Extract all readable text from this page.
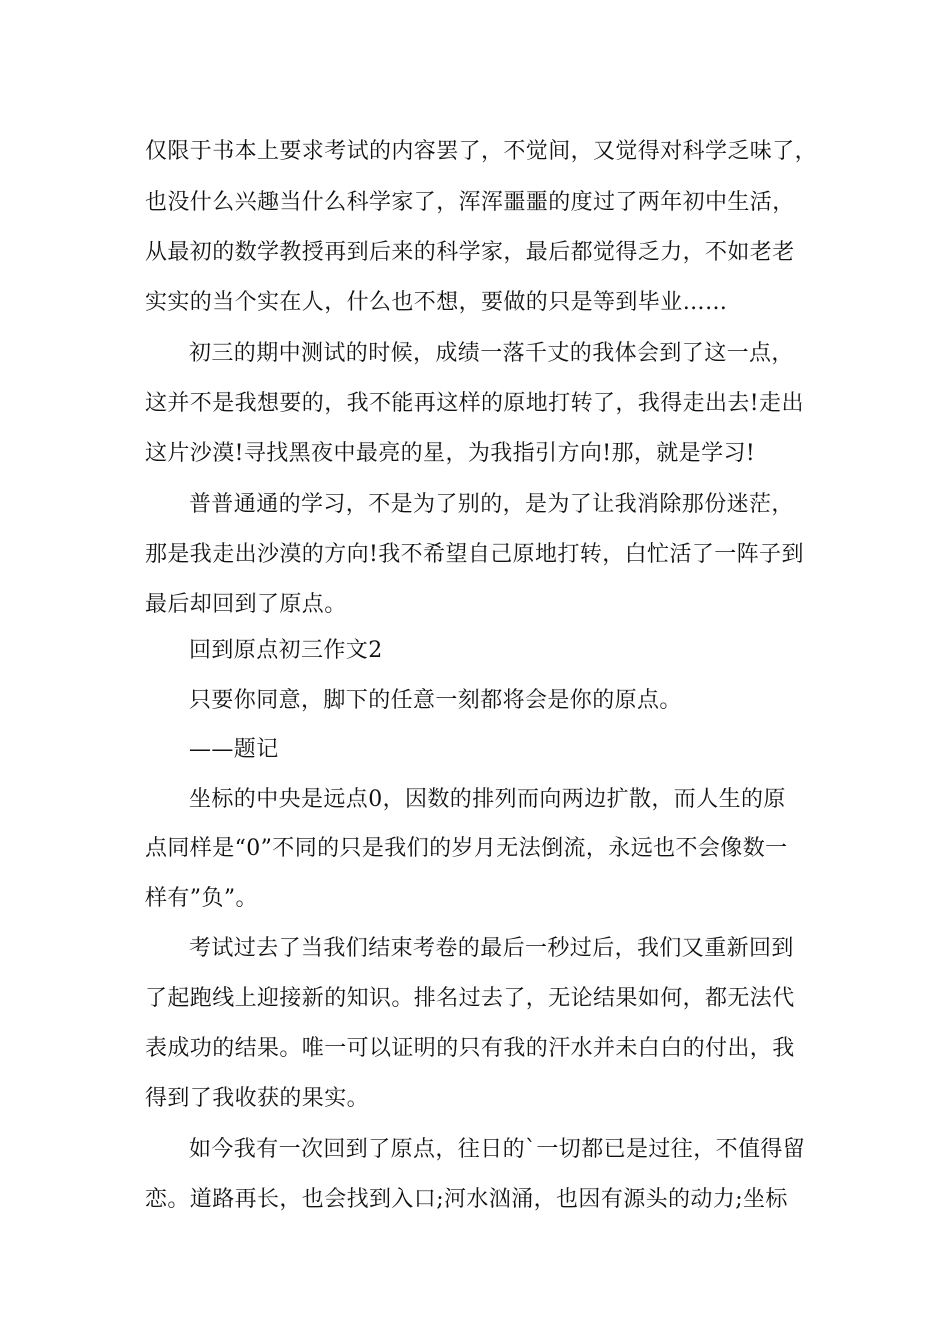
仅限于书本上要求考试的内容罢了，不觉间，又觉得对科学乏味了，
也没什么兴趣当什么科学家了，浑浑噩噩的度过了两年初中生活，
从最初的数学教授再到后来的科学家，最后都觉得乏力，不如老老
实实的当个实在人，什么也不想，要做的只是等到毕业……
初三的期中测试的时候，成绩一落千丈的我体会到了这一点，
这并不是我想要的，我不能再这样的原地打转了，我得走出去!走出
这片沙漠!寻找黑夜中最亮的星，为我指引方向!那，就是学习!
普普通通的学习，不是为了别的，是为了让我消除那份迷茫，
那是我走出沙漠的方向!我不希望自己原地打转，白忙活了一阵子到
最后却回到了原点。
回到原点初三作文2
只要你同意，脚下的任意一刻都将会是你的原点。
——题记
坐标的中央是远点0，因数的排列而向两边扩散，而人生的原
点同样是“0”不同的只是我们的岁月无法倒流，永远也不会像数一
样有”负”。
考试过去了当我们结束考卷的最后一秒过后，我们又重新回到
了起跑线上迎接新的知识。排名过去了，无论结果如何，都无法代
表成功的结果。唯一可以证明的只有我的汗水并未白白的付出，我
得到了我收获的果实。
如今我有一次回到了原点，往日的`一切都已是过往，不值得留
恋。道路再长，也会找到入口;河水汹涌，也因有源头的动力;坐标
